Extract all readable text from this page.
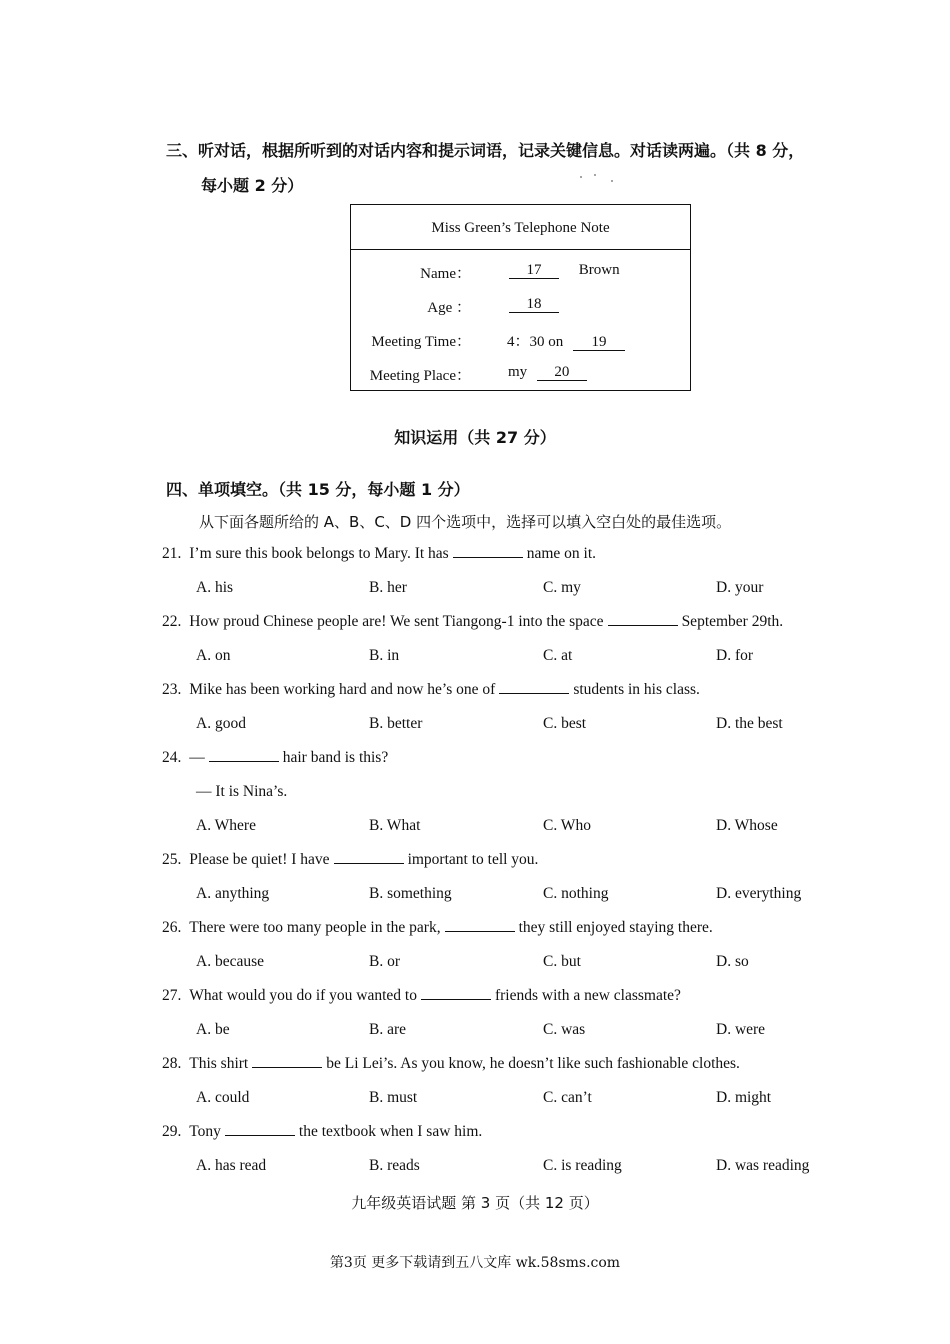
三、听对话，根据所听到的对话内容和提示词语，记录关键信息。对话读两遍。（共 8 分，
每小题 2 分）
Miss Green’s Telephone Note
Name：	17 Brown
Age ：	18
Meeting Time： 4：30 on 19
Meeting Place： my 20
知识运用（共 27 分）
四、单项填空。（共 15 分，每小题 1 分）
从下面各题所给的 A、B、C、D 四个选项中，选择可以填入空白处的最佳选项。
21. I’m sure this book belongs to Mary. It has	name on it.
A. his	B. her	C. my	D. your
22. How proud Chinese people are! We sent Tiangong-1 into the space	September 29th.
A. on	B. in	C. at	D. for
23. Mike has been working hard and now he’s one of	students in his class.
A. good	B. better	C. best	D. the best
24. —	hair band is this?
— It is Nina’s.
A. Where	B. What	C. Who	D. Whose
25. Please be quiet! I have	important to tell you.
A. anything	B. something	C. nothing	D. everything
26. There were too many people in the park,	they still enjoyed staying there.
A. because	B. or	C. but	D. so
27. What would you do if you wanted to	friends with a new classmate?
A. be	B. are	C. was	D. were
28. This shirt	be Li Lei’s. As you know, he doesn’t like such fashionable clothes.
A. could	B. must	C. can’t	D. might
29. Tony	the textbook when I saw him.
A. has read	B. reads	C. is reading	D. was reading
九年级英语试题 第 3 页（共 12 页）
第3页 更多下载请到五八文库 wk.58sms.com
